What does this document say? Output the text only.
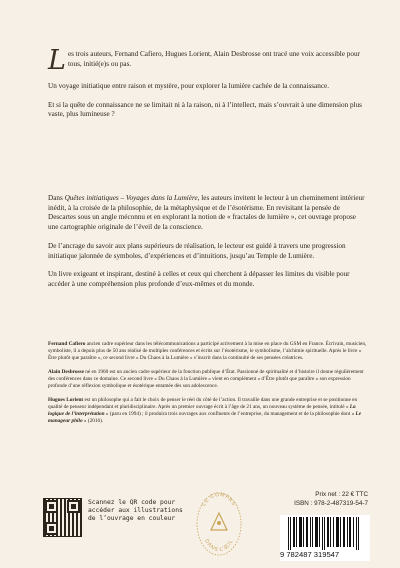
Les trois auteurs, Fernand Cafiero, Hugues Lorient, Alain Desbrosse ont tracé une voix accessible pour tous, initié(e)s ou pas.

Un voyage initiatique entre raison et mystère, pour explorer la lumière cachée de la connaissance.

Et si la quête de connaissance ne se limitait ni à la raison, ni à l’intellect, mais s’ouvrait à une dimension plus vaste, plus lumineuse ?

Dans Quêtes initiatiques – Voyages dans la Lumière, les auteurs invitent le lecteur à un cheminement intérieur inédit, à la croisée de la philosophie, de la métaphysique et de l’ésotérisme. En revisitant la pensée de Descartes sous un angle méconnu et en explorant la notion de « fractales de lumière », cet ouvrage propose une cartographie originale de l’éveil de la conscience.

De l’ancrage du savoir aux plans supérieurs de réalisation, le lecteur est guidé à travers une progression initiatique jalonnée de symboles, d’expériences et d’intuitions, jusqu’au Temple de Lumière.

Un livre exigeant et inspirant, destiné à celles et ceux qui cherchent à dépasser les limites du visible pour accéder à une compréhension plus profonde d’eux-mêmes et du monde.

Fernand Cafiero ancien cadre supérieur dans les télécommunications a participé activement à la mise en place du GSM en France. Écrivain, musicien, symboliste, il a depuis plus de 50 ans réalisé de multiples conférences et écrits sur l’ésotérisme, le symbolisme, l’alchimie spirituelle. Après le livre « Être plutôt que paraître », ce second livre « Du Chaos à la Lumière » s’inscrit dans la continuité de ses pensées créatrices.

Alain Desbrosse né en 1960 est un ancien cadre supérieur de la fonction publique d’État. Passionné de spiritualité et d’histoire il donne régulièrement des conférences dans ce domaine. Ce second livre « Du Chaos à la Lumière » vient en complément « d’Être plutôt que paraître » son expression profonde d’une réflexion symbolique et ésotérique entamée dès son adolescence.

Hugues Lorient est un philosophe qui a fait le choix de penser le réel du côté de l’action. Il travaille dans une grande entreprise et se positionne en qualité de penseur indépendant et pluridisciplinaire. Après un premier ouvrage écrit à l’âge de 21 ans, un nouveau système de pensée, intitulé « La logique de l’interprétation » (paru en 1994) ; il produira trois ouvrages aux confluents de l’entreprise, du management et de la philosophie dont « Le manageur philo » (2016).

Scannez le QR code pour accéder aux illustrations de l’ouvrage en couleur
LE COMPAS
DANS L’ŒIL
Prix net : 22 € TTC
ISBN : 978-2-487319-54-7
9 782487 319547
